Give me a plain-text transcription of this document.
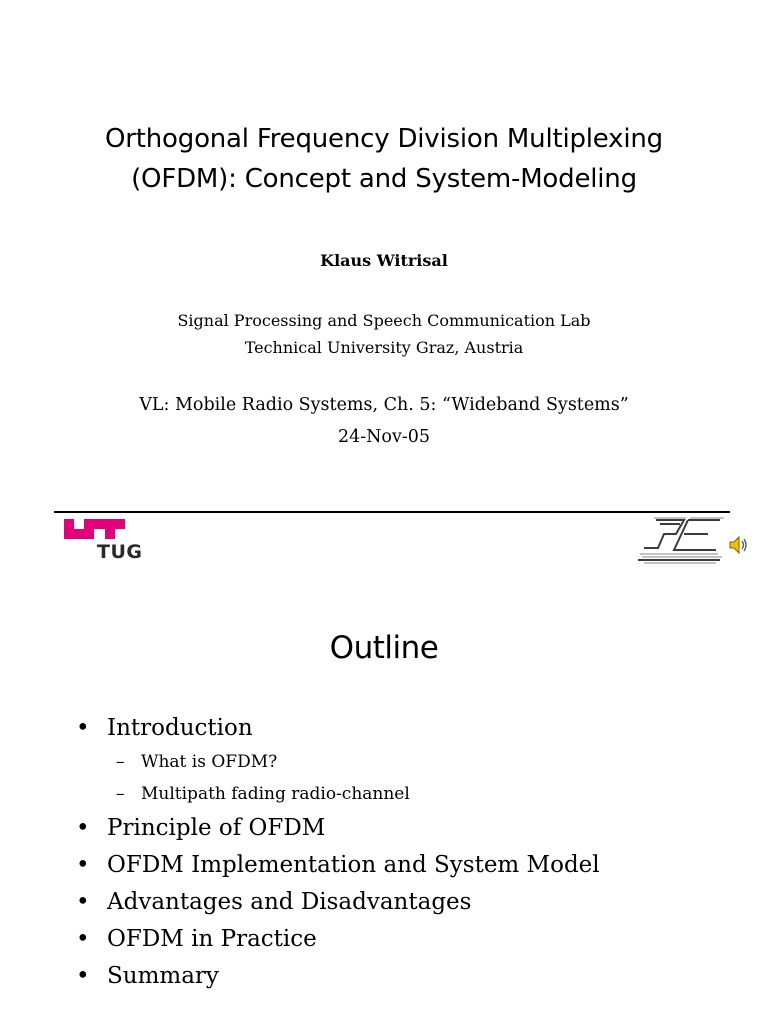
Orthogonal Frequency Division Multiplexing
(OFDM): Concept and System-Modeling
Klaus Witrisal
Signal Processing and Speech Communication Lab
Technical University Graz, Austria
VL: Mobile Radio Systems, Ch. 5: “Wideband Systems”
24-Nov-05
TUG
Outline
• Introduction
– What is OFDM?
– Multipath fading radio-channel
• Principle of OFDM
• OFDM Implementation and System Model
• Advantages and Disadvantages
• OFDM in Practice
• Summary
